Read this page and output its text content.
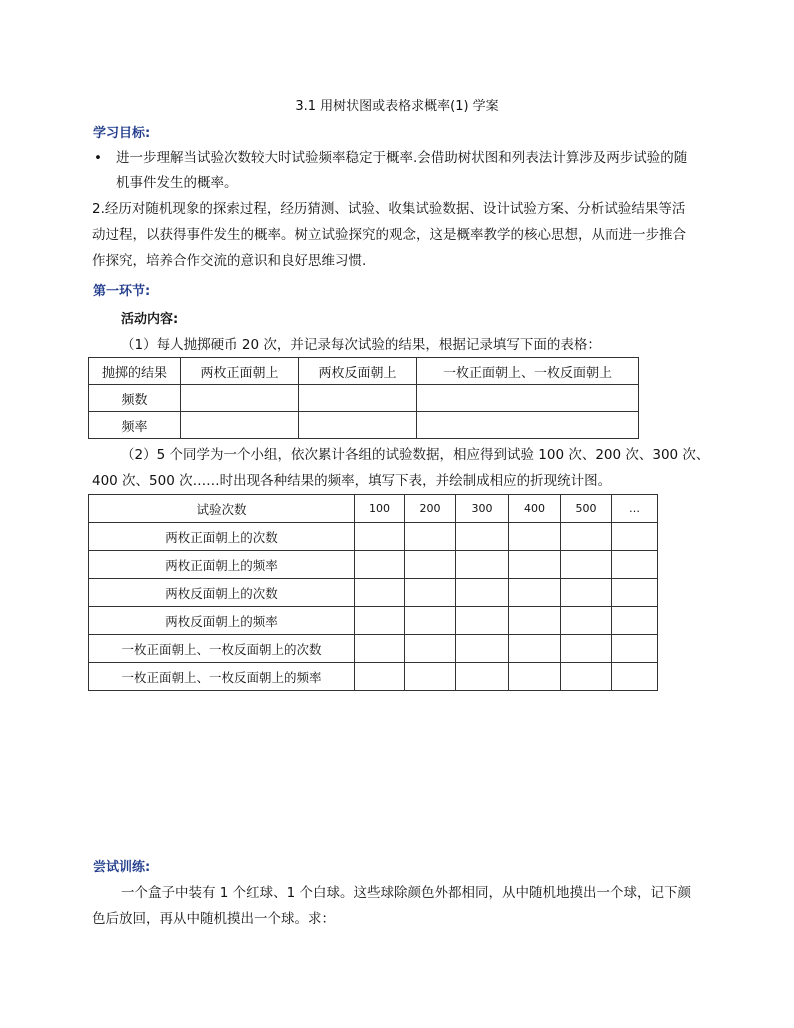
3.1 用树状图或表格求概率(1) 学案
学习目标:
• 进一步理解当试验次数较大时试验频率稳定于概率.会借助树状图和列表法计算涉及两步试验的随
机事件发生的概率。
2.经历对随机现象的探索过程，经历猜测、试验、收集试验数据、设计试验方案、分析试验结果等活
动过程，以获得事件发生的概率。树立试验探究的观念，这是概率教学的核心思想，从而进一步推合
作探究，培养合作交流的意识和良好思维习惯.
第一环节:
活动内容:
（1）每人抛掷硬币 20 次，并记录每次试验的结果，根据记录填写下面的表格：
抛掷的结果	两枚正面朝上	两枚反面朝上	一枚正面朝上、一枚反面朝上
频数			
频率			
（2）5 个同学为一个小组，依次累计各组的试验数据，相应得到试验 100 次、200 次、300 次、
400 次、500 次……时出现各种结果的频率，填写下表，并绘制成相应的折现统计图。
试验次数	100	200	300	400	500	…
两枚正面朝上的次数						
两枚正面朝上的频率						
两枚反面朝上的次数						
两枚反面朝上的频率						
一枚正面朝上、一枚反面朝上的次数						
一枚正面朝上、一枚反面朝上的频率						
尝试训练:
一个盒子中装有 1 个红球、1 个白球。这些球除颜色外都相同，从中随机地摸出一个球，记下颜
色后放回，再从中随机摸出一个球。求：
